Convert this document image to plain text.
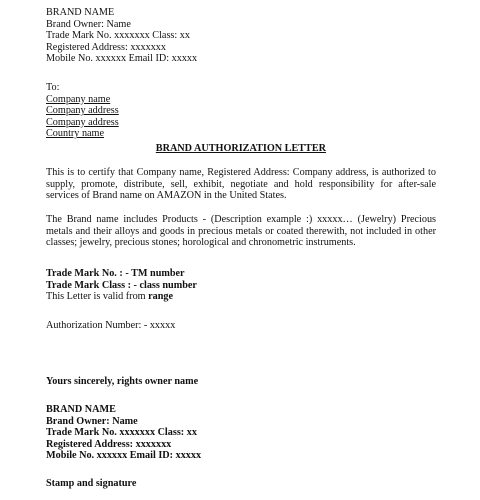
BRAND NAME
Brand Owner: Name
Trade Mark No. xxxxxxx Class: xx
Registered Address: xxxxxxx
Mobile No. xxxxxx Email ID: xxxxx
To:
Company name
Company address
Company address
Country name
BRAND AUTHORIZATION LETTER
This is to certify that Company name, Registered Address: Company address, is authorized to supply, promote, distribute, sell, exhibit, negotiate and hold responsibility for after-sale services of Brand name on AMAZON in the United States.
The Brand name includes Products - (Description example :) xxxxx… (Jewelry) Precious metals and their alloys and goods in precious metals or coated therewith, not included in other classes; jewelry, precious stones; horological and chronometric instruments.
Trade Mark No. : - TM number
Trade Mark Class : - class number
This Letter is valid from range
Authorization Number: - xxxxx
Yours sincerely, rights owner name
BRAND NAME
Brand Owner: Name
Trade Mark No. xxxxxxx Class: xx
Registered Address: xxxxxxx
Mobile No. xxxxxx Email ID: xxxxx
Stamp and signature
